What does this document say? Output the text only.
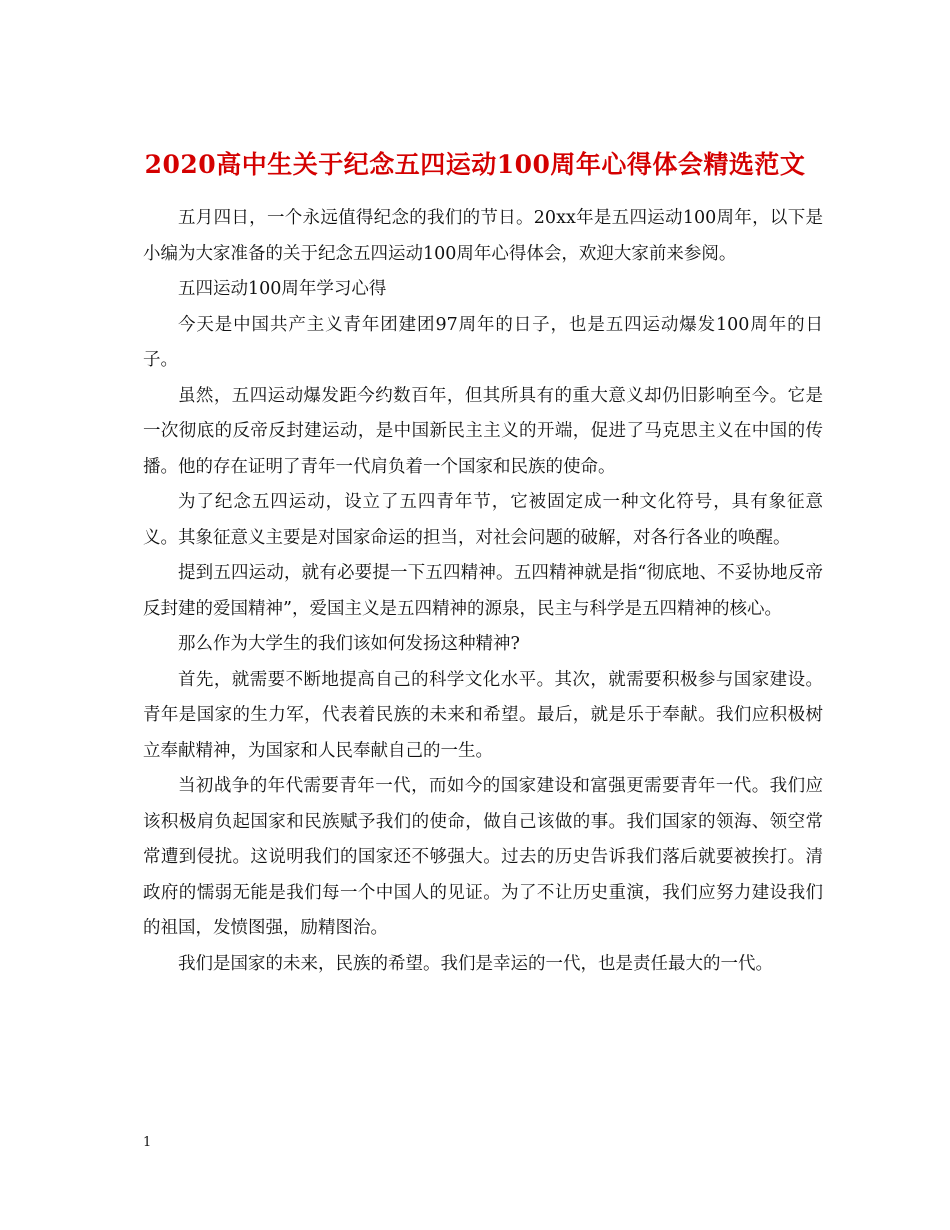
2020高中生关于纪念五四运动100周年心得体会精选范文

五月四日，一个永远值得纪念的我们的节日。20xx年是五四运动100周年，以下是小编为大家准备的关于纪念五四运动100周年心得体会，欢迎大家前来参阅。

五四运动100周年学习心得

今天是中国共产主义青年团建团97周年的日子，也是五四运动爆发100周年的日子。

虽然，五四运动爆发距今约数百年，但其所具有的重大意义却仍旧影响至今。它是一次彻底的反帝反封建运动，是中国新民主主义的开端，促进了马克思主义在中国的传播。他的存在证明了青年一代肩负着一个国家和民族的使命。

为了纪念五四运动，设立了五四青年节，它被固定成一种文化符号，具有象征意义。其象征意义主要是对国家命运的担当，对社会问题的破解，对各行各业的唤醒。

提到五四运动，就有必要提一下五四精神。五四精神就是指“彻底地、不妥协地反帝反封建的爱国精神”，爱国主义是五四精神的源泉，民主与科学是五四精神的核心。

那么作为大学生的我们该如何发扬这种精神?

首先，就需要不断地提高自己的科学文化水平。其次，就需要积极参与国家建设。青年是国家的生力军，代表着民族的未来和希望。最后，就是乐于奉献。我们应积极树立奉献精神，为国家和人民奉献自己的一生。

当初战争的年代需要青年一代，而如今的国家建设和富强更需要青年一代。我们应该积极肩负起国家和民族赋予我们的使命，做自己该做的事。我们国家的领海、领空常常遭到侵扰。这说明我们的国家还不够强大。过去的历史告诉我们落后就要被挨打。清政府的懦弱无能是我们每一个中国人的见证。为了不让历史重演，我们应努力建设我们的祖国，发愤图强，励精图治。

我们是国家的未来，民族的希望。我们是幸运的一代，也是责任最大的一代。

1
